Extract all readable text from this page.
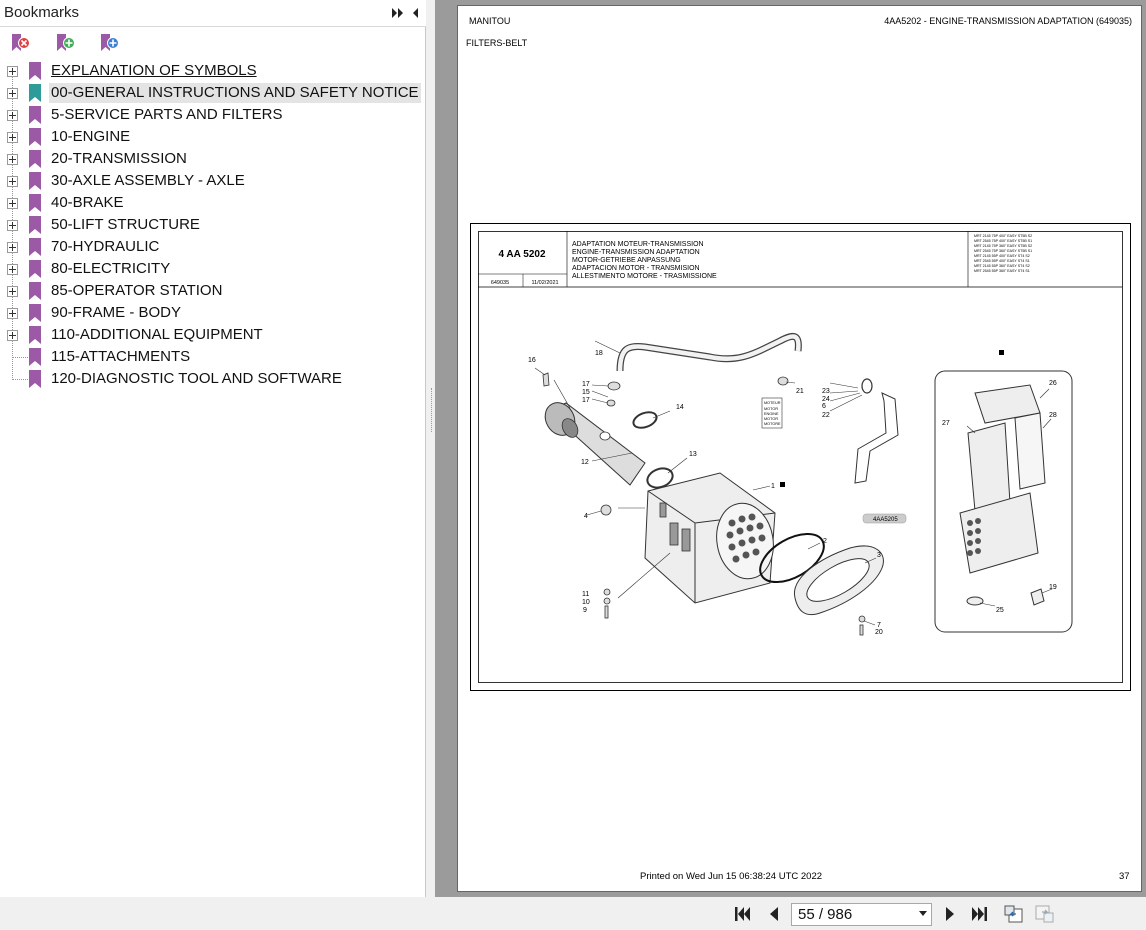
Bookmarks
EXPLANATION OF SYMBOLS
00-GENERAL INSTRUCTIONS AND SAFETY NOTICE
5-SERVICE PARTS AND FILTERS
10-ENGINE
20-TRANSMISSION
30-AXLE ASSEMBLY - AXLE
40-BRAKE
50-LIFT STRUCTURE
70-HYDRAULIC
80-ELECTRICITY
85-OPERATOR STATION
90-FRAME - BODY
110-ADDITIONAL EQUIPMENT
115-ATTACHMENTS
120-DIAGNOSTIC TOOL AND SOFTWARE
MANITOU	4AA5202 - ENGINE-TRANSMISSION ADAPTATION (649035)
FILTERS-BELT
4 AA 5202
649035	11/02/2021
ADAPTATION MOTEUR-TRANSMISSION
ENGINE-TRANSMISSION ADAPTATION
MOTOR-GETRIEBE ANPASSUNG
ADAPTACION MOTOR - TRANSMISION
ALLESTIMENTO MOTORE - TRASMISSIONE
MRT 2145 75P 400" EASY ST5B S2
MRT 2545 75P 400" EASY ST5B S1
MRT 2145 75P 360" EASY ST5B S2
MRT 2545 75P 360" EASY ST5B S1
MRT 2145 55P 400" EASY ST4 S2
MRT 2545 55P 400" EASY ST4 S1
MRT 2145 55P 360" EASY ST4 S2
MRT 2545 55P 360" EASY ST4 S1
4AA5205
MOTEUR
MOTOR
ENGINE
MOTOR
MOTORE
1
2
3
4
6
7
9
10
11
12
13
14
15
16
17
17
18
19
20
21
22
23
24
25
26
27
28
Printed on Wed Jun 15 06:38:24 UTC 2022	37
55 / 986
